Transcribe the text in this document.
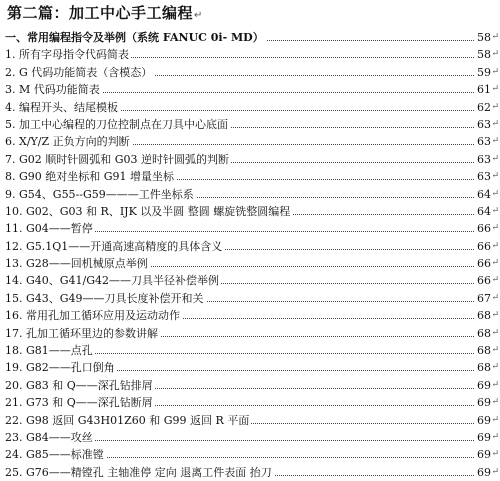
第二篇：加工中心手工编程↵
一、常用编程指令及举例（系统 FANUC 0i- MD）	58 ↵
1. 所有字母指令代码简表	58 ↵
2. G 代码功能简表（含模态）	59 ↵
3. M 代码功能简表	61 ↵
4. 编程开头、结尾模板	62 ↵
5. 加工中心编程的刀位控制点在刀具中心底面	63 ↵
6. X/Y/Z 正负方向的判断	63 ↵
7. G02 顺时针圆弧和 G03 逆时针圆弧的判断	63 ↵
8. G90 绝对坐标和 G91 增量坐标	63 ↵
9. G54、G55--G59———工件坐标系	64 ↵
10. G02、G03 和 R、IJK 以及半圆 整圆 螺旋铣整圆编程	64 ↵
11. G04——暂停	66 ↵
12. G5.1Q1——开通高速高精度的具体含义	66 ↵
13. G28——回机械原点举例	66 ↵
14. G40、G41/G42——刀具半径补偿举例	66 ↵
15. G43、G49——刀具长度补偿开和关	67 ↵
16. 常用孔加工循环应用及运动动作	68 ↵
17. 孔加工循环里边的参数讲解	68 ↵
18. G81——点孔	68 ↵
19. G82——孔口倒角	68 ↵
20. G83 和 Q——深孔钻排屑	69 ↵
21. G73 和 Q——深孔钻断屑	69 ↵
22. G98 返回 G43H01Z60 和 G99 返回 R 平面	69 ↵
23. G84——攻丝	69 ↵
24. G85——标准镗	69 ↵
25. G76——精镗孔 主轴准停 定向 退离工件表面 抬刀	69 ↵
